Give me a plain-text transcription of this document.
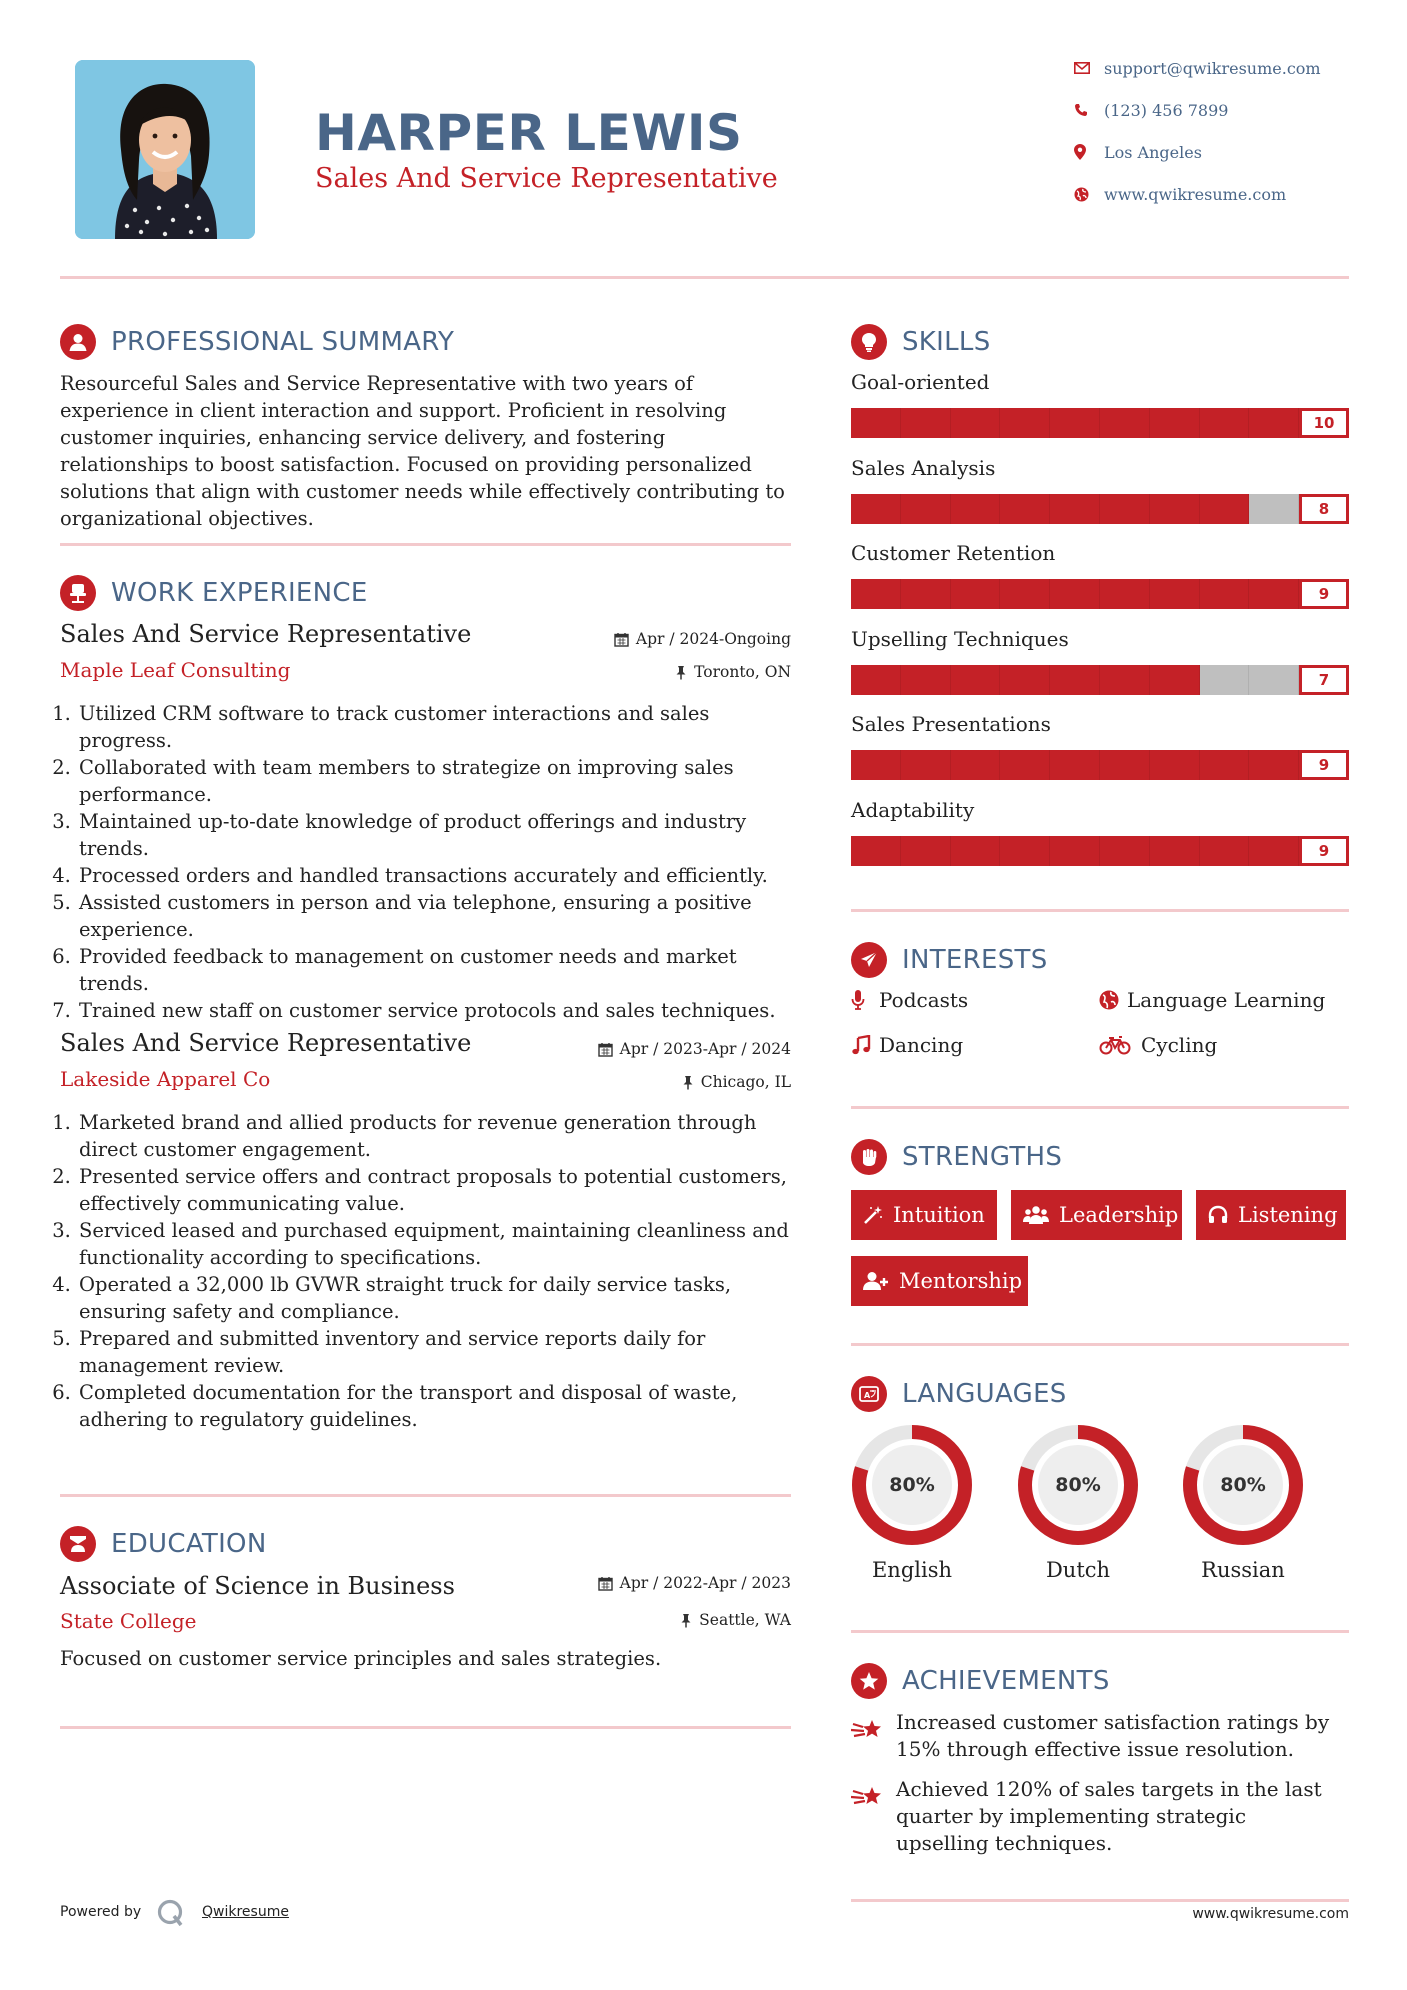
HARPER LEWIS
Sales And Service Representative
support@qwikresume.com
(123) 456 7899
Los Angeles
www.qwikresume.com
PROFESSIONAL SUMMARY
Resourceful Sales and Service Representative with two years of experience in client interaction and support. Proficient in resolving customer inquiries, enhancing service delivery, and fostering relationships to boost satisfaction. Focused on providing personalized solutions that align with customer needs while effectively contributing to organizational objectives.
WORK EXPERIENCE
Sales And Service Representative
Maple Leaf Consulting
Apr / 2024-Ongoing
Toronto, ON
1. Utilized CRM software to track customer interactions and sales progress.
2. Collaborated with team members to strategize on improving sales performance.
3. Maintained up-to-date knowledge of product offerings and industry trends.
4. Processed orders and handled transactions accurately and efficiently.
5. Assisted customers in person and via telephone, ensuring a positive experience.
6. Provided feedback to management on customer needs and market trends.
7. Trained new staff on customer service protocols and sales techniques.
Sales And Service Representative
Lakeside Apparel Co
Apr / 2023-Apr / 2024
Chicago, IL
1. Marketed brand and allied products for revenue generation through direct customer engagement.
2. Presented service offers and contract proposals to potential customers, effectively communicating value.
3. Serviced leased and purchased equipment, maintaining cleanliness and functionality according to specifications.
4. Operated a 32,000 lb GVWR straight truck for daily service tasks, ensuring safety and compliance.
5. Prepared and submitted inventory and service reports daily for management review.
6. Completed documentation for the transport and disposal of waste, adhering to regulatory guidelines.
EDUCATION
Associate of Science in Business
State College
Apr / 2022-Apr / 2023
Seattle, WA
Focused on customer service principles and sales strategies.
SKILLS
Goal-oriented
10
Sales Analysis
8
Customer Retention
9
Upselling Techniques
7
Sales Presentations
9
Adaptability
9
INTERESTS
Podcasts	Language Learning
Dancing	Cycling
STRENGTHS
Intuition	Leadership	Listening
Mentorship
A LANGUAGES
80%
English
80%
Dutch
80%
Russian
ACHIEVEMENTS
Increased customer satisfaction ratings by 15% through effective issue resolution.
Achieved 120% of sales targets in the last quarter by implementing strategic upselling techniques.
Powered by	Qwikresume	www.qwikresume.com
